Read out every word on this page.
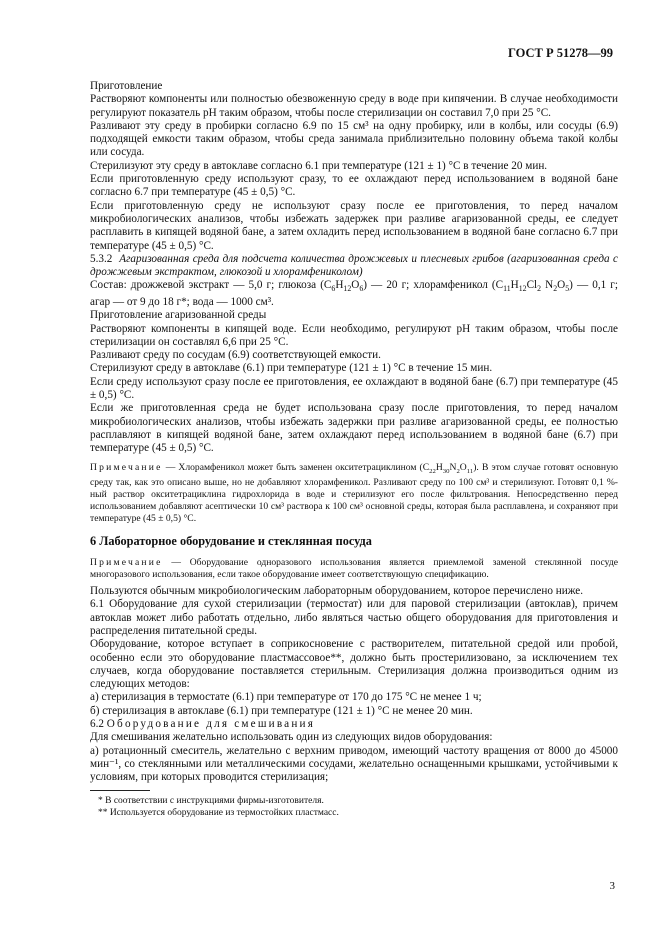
ГОСТ Р 51278—99

Приготовление

Растворяют компоненты или полностью обезвоженную среду в воде при кипячении. В случае необходимости регулируют показатель pH таким образом, чтобы после стерилизации он составил 7,0 при 25 °С.

Разливают эту среду в пробирки согласно 6.9 по 15 см³ на одну пробирку, или в колбы, или сосуды (6.9) подходящей емкости таким образом, чтобы среда занимала приблизительно половину объема такой колбы или сосуда.

Стерилизуют эту среду в автоклаве согласно 6.1 при температуре (121 ± 1) °С в течение 20 мин.

Если приготовленную среду используют сразу, то ее охлаждают перед использованием в водяной бане согласно 6.7 при температуре (45 ± 0,5) °С.

Если приготовленную среду не используют сразу после ее приготовления, то перед началом микробиологических анализов, чтобы избежать задержек при разливе агаризованной среды, ее следует расплавить в кипящей водяной бане, а затем охладить перед использованием в водяной бане согласно 6.7 при температуре (45 ± 0,5) °С.

5.3.2 Агаризованная среда для подсчета количества дрожжевых и плесневых грибов (агаризованная среда с дрожжевым экстрактом, глюкозой и хлорамфениколом)

Состав: дрожжевой экстракт — 5,0 г; глюкоза $(C_6H_{12}O_6)$ — 20 г; хлорамфеникол ($C_{11}H_{12}Cl_2$ $N_2O_5$) — 0,1 г; агар — от 9 до 18 г*; вода — 1000 см³.

Приготовление агаризованной среды

Растворяют компоненты в кипящей воде. Если необходимо, регулируют pH таким образом, чтобы после стерилизации он составлял 6,6 при 25 °С.

Разливают среду по сосудам (6.9) соответствующей емкости.

Стерилизуют среду в автоклаве (6.1) при температуре (121 ± 1) °С в течение 15 мин.

Если среду используют сразу после ее приготовления, ее охлаждают в водяной бане (6.7) при температуре (45 ± 0,5) °С.

Если же приготовленная среда не будет использована сразу после приготовления, то перед началом микробиологических анализов, чтобы избежать задержки при разливе агаризованной среды, ее полностью расплавляют в кипящей водяной бане, затем охлаждают перед использованием в водяной бане (6.7) при температуре (45 ± 0,5) °С.

Примечание — Хлорамфеникол может быть заменен окситетрациклином $(C_{22}H_{30}N_2O_{11})$. В этом случае готовят основную среду так, как это описано выше, но не добавляют хлорамфеникол. Разливают среду по 100 см³ и стерилизуют. Готовят 0,1 %-ный раствор окситетрациклина гидрохлорида в воде и стерилизуют его после фильтрования. Непосредственно перед использованием добавляют асептически 10 см³ раствора к 100 см³ основной среды, которая была расплавлена, и сохраняют при температуре (45 ± 0,5) °С.

6 Лабораторное оборудование и стеклянная посуда

Примечание — Оборудование одноразового использования является приемлемой заменой стеклянной посуде многоразового использования, если такое оборудование имеет соответствующую спецификацию.

Пользуются обычным микробиологическим лабораторным оборудованием, которое перечислено ниже.

6.1 Оборудование для сухой стерилизации (термостат) или для паровой стерилизации (автоклав), причем автоклав может либо работать отдельно, либо являться частью общего оборудования для приготовления и распределения питательной среды.

Оборудование, которое вступает в соприкосновение с растворителем, питательной средой или пробой, особенно если это оборудование пластмассовое**, должно быть простерилизовано, за исключением тех случаев, когда оборудование поставляется стерильным. Стерилизация должна производиться одним из следующих методов:

а) стерилизация в термостате (6.1) при температуре от 170 до 175 °С не менее 1 ч;

б) стерилизация в автоклаве (6.1) при температуре (121 ± 1) °С не менее 20 мин.

6.2 Оборудование для смешивания

Для смешивания желательно использовать один из следующих видов оборудования:

а) ротационный смеситель, желательно с верхним приводом, имеющий частоту вращения от 8000 до 45000 мин⁻¹, со стеклянными или металлическими сосудами, желательно оснащенными крышками, устойчивыми к условиям, при которых проводится стерилизация;

* В соответствии с инструкциями фирмы-изготовителя.

** Используется оборудование из термостойких пластмасс.

3
